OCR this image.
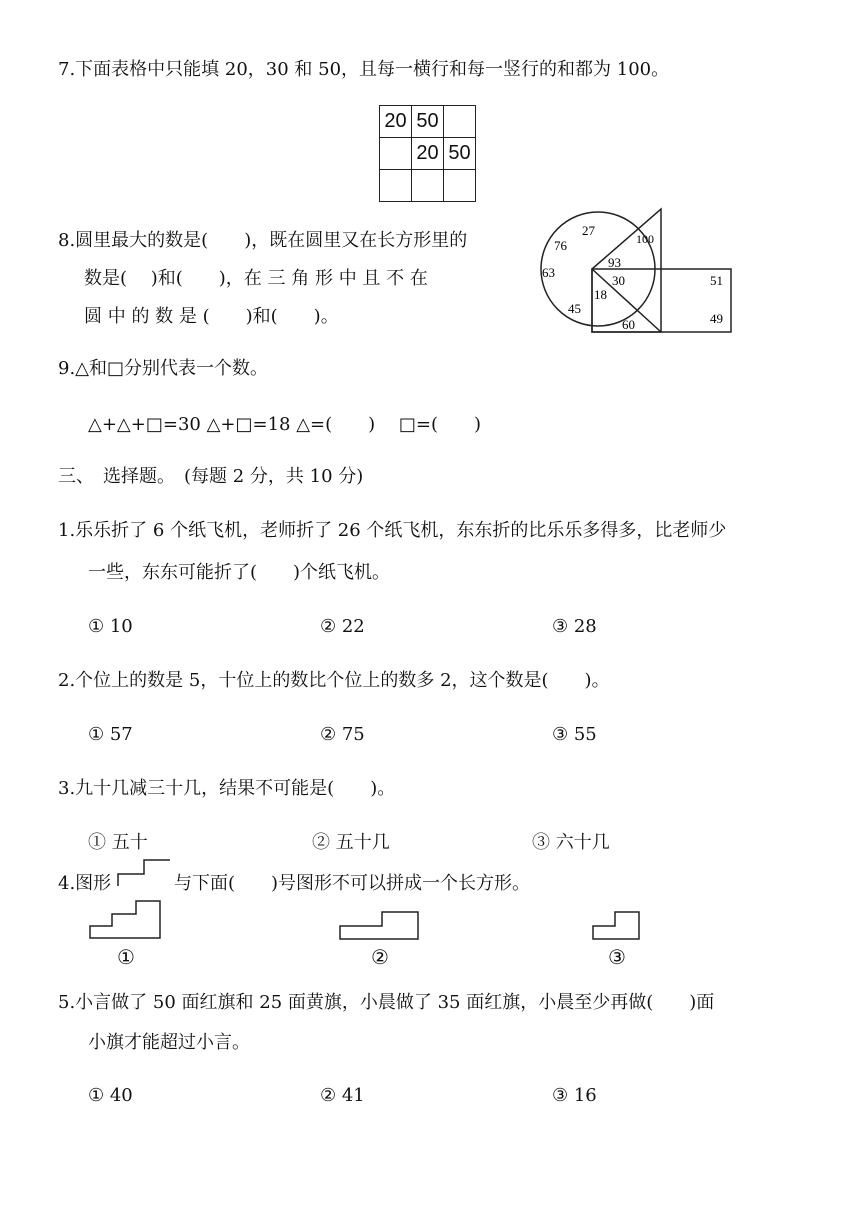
7.下面表格中只能填 20，30 和 50，且每一横行和每一竖行的和都为 100。
20	50	
	20	50

8.圆里最大的数是(　　)，既在圆里又在长方形里的
数是(　 )和(　　)，在 三 角 形 中 且 不 在
圆 中 的 数 是 (　　)和(　　)。
27
76
63
45
93
30
18
100
60
51
49
9.△和□分别代表一个数。
△+△+□=30 △+□=18 △=(　　)　 □=(　　)
三、　选择题。　(每题 2 分，共 10 分)
1.乐乐折了 6 个纸飞机，老师折了 26 个纸飞机，东东折的比乐乐多得多，比老师少
一些，东东可能折了(　　)个纸飞机。
① 10	② 22	③ 28
2.个位上的数是 5，十位上的数比个位上的数多 2，这个数是(　　)。
① 57	② 75	③ 55
3.九十几减三十几，结果不可能是(　　)。
① 五十	② 五十几	③ 六十几
4.图形	与下面(　　)号图形不可以拼成一个长方形。
①	②	③
5.小言做了 50 面红旗和 25 面黄旗，小晨做了 35 面红旗，小晨至少再做(　　)面
小旗才能超过小言。
① 40	② 41	③ 16
